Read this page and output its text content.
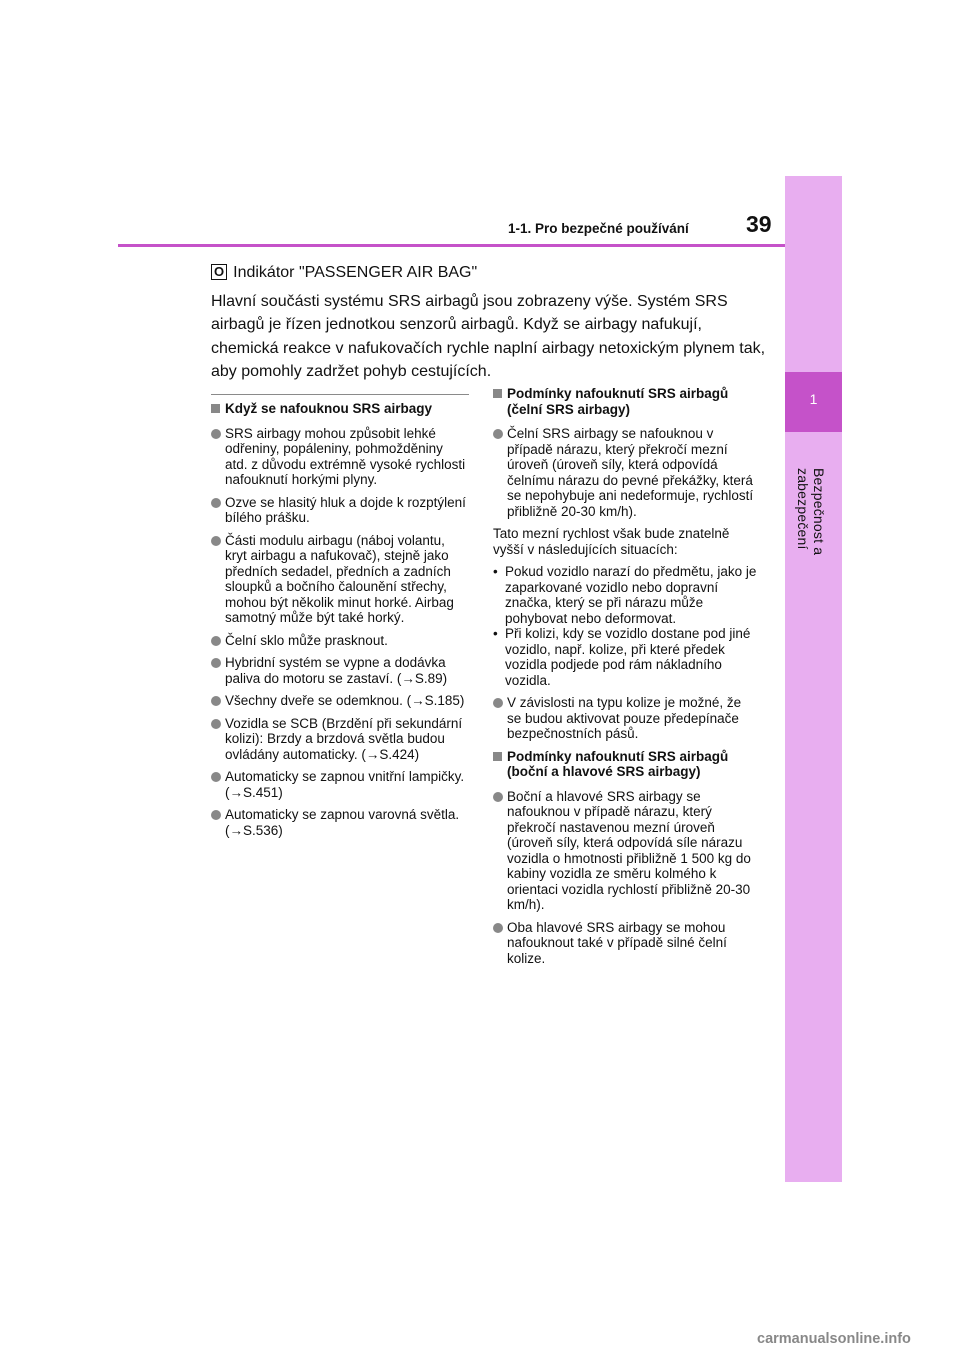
1
Bezpečnost a zabezpečení
1-1. Pro bezpečné používání 39

O Indikátor "PASSENGER AIR BAG"

Hlavní součásti systému SRS airbagů jsou zobrazeny výše. Systém SRS airbagů je řízen jednotkou senzorů airbagů. Když se airbagy nafukují, chemická reakce v nafukovačích rychle naplní airbagy netoxickým plynem tak, aby pomohly zadržet pohyb cestujících.

Když se nafouknou SRS airbagy
SRS airbagy mohou způsobit lehké odřeniny, popáleniny, pohmožděniny atd. z důvodu extrémně vysoké rychlosti nafouknutí horkými plyny.
Ozve se hlasitý hluk a dojde k rozptýlení bílého prášku.
Části modulu airbagu (náboj volantu, kryt airbagu a nafukovač), stejně jako předních sedadel, předních a zadních sloupků a bočního čalounění střechy, mohou být několik minut horké. Airbag samotný může být také horký.
Čelní sklo může prasknout.
Hybridní systém se vypne a dodávka paliva do motoru se zastaví. (→S.89)
Všechny dveře se odemknou. (→S.185)
Vozidla se SCB (Brzdění při sekundární kolizi): Brzdy a brzdová světla budou ovládány automaticky. (→S.424)
Automaticky se zapnou vnitřní lampičky. (→S.451)
Automaticky se zapnou varovná světla. (→S.536)
Podmínky nafouknutí SRS airbagů (čelní SRS airbagy)
Čelní SRS airbagy se nafouknou v případě nárazu, který překročí mezní úroveň (úroveň síly, která odpovídá čelnímu nárazu do pevné překážky, která se nepohybuje ani nedeformuje, rychlostí přibližně 20-30 km/h).

Tato mezní rychlost však bude znatelně vyšší v následujících situacích:

• Pokud vozidlo narazí do předmětu, jako je zaparkované vozidlo nebo dopravní značka, který se při nárazu může pohybovat nebo deformovat.

• Při kolizi, kdy se vozidlo dostane pod jiné vozidlo, např. kolize, při které předek vozidla podjede pod rám nákladního vozidla.

V závislosti na typu kolize je možné, že se budou aktivovat pouze předepínače bezpečnostních pásů.
Podmínky nafouknutí SRS airbagů (boční a hlavové SRS airbagy)
Boční a hlavové SRS airbagy se nafouknou v případě nárazu, který překročí nastavenou mezní úroveň (úroveň síly, která odpovídá síle nárazu vozidla o hmotnosti přibližně 1 500 kg do kabiny vozidla ze směru kolmého k orientaci vozidla rychlostí přibližně 20-30 km/h).
Oba hlavové SRS airbagy se mohou nafouknout také v případě silné čelní kolize.
carmanualsonline.info
